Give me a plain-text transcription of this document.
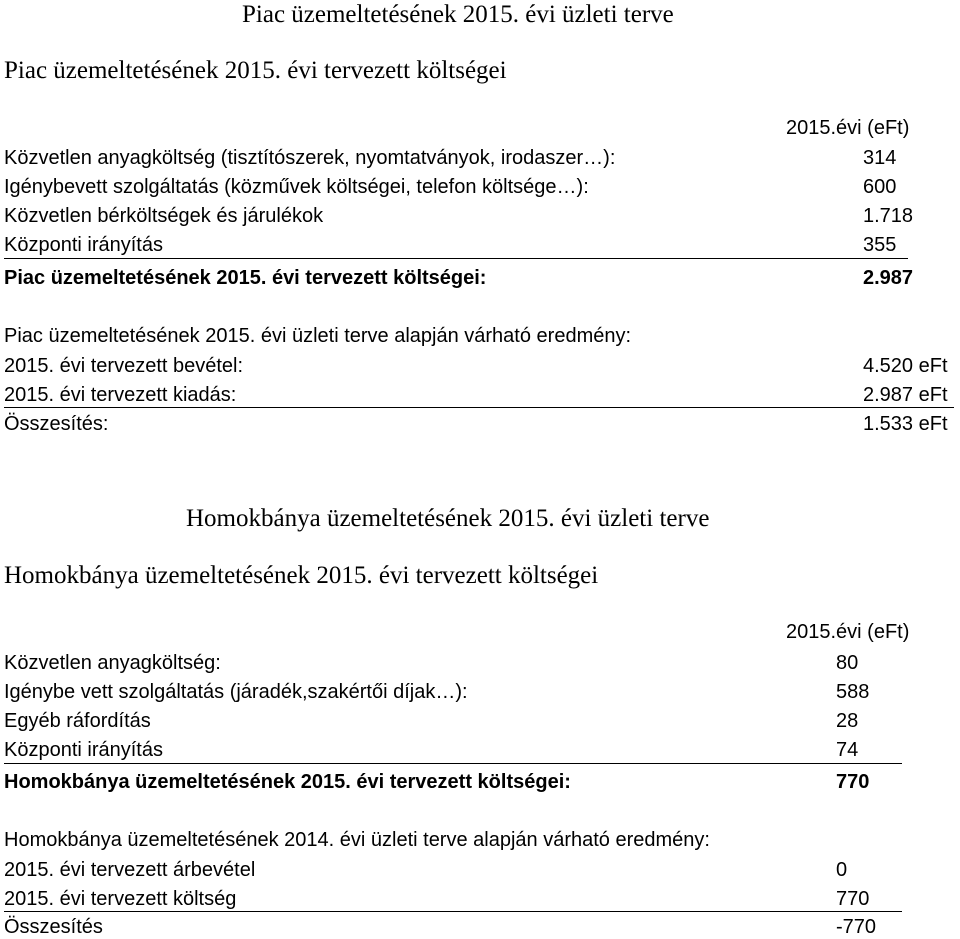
Piac üzemeltetésének 2015. évi üzleti terve
Piac üzemeltetésének 2015. évi tervezett költségei
2015.évi (eFt)
Közvetlen anyagköltség (tisztítószerek, nyomtatványok, irodaszer…):	314
Igénybevett szolgáltatás (közművek költségei, telefon költsége…):	600
Közvetlen bérköltségek és járulékok	1.718
Központi irányítás	355
Piac üzemeltetésének 2015. évi tervezett költségei:	2.987
Piac üzemeltetésének 2015. évi üzleti terve alapján várható eredmény:
2015. évi tervezett bevétel:	4.520 eFt
2015. évi tervezett kiadás:	2.987 eFt
Összesítés:	1.533 eFt
Homokbánya üzemeltetésének 2015. évi üzleti terve
Homokbánya üzemeltetésének 2015. évi tervezett költségei
2015.évi (eFt)
Közvetlen anyagköltség:	80
Igénybe vett szolgáltatás (járadék,szakértői díjak…):	588
Egyéb ráfordítás	28
Központi irányítás	74
Homokbánya üzemeltetésének 2015. évi tervezett költségei:	770
Homokbánya üzemeltetésének 2014. évi üzleti terve alapján várható eredmény:
2015. évi tervezett árbevétel	0
2015. évi tervezett költség	770
Összesítés	-770
